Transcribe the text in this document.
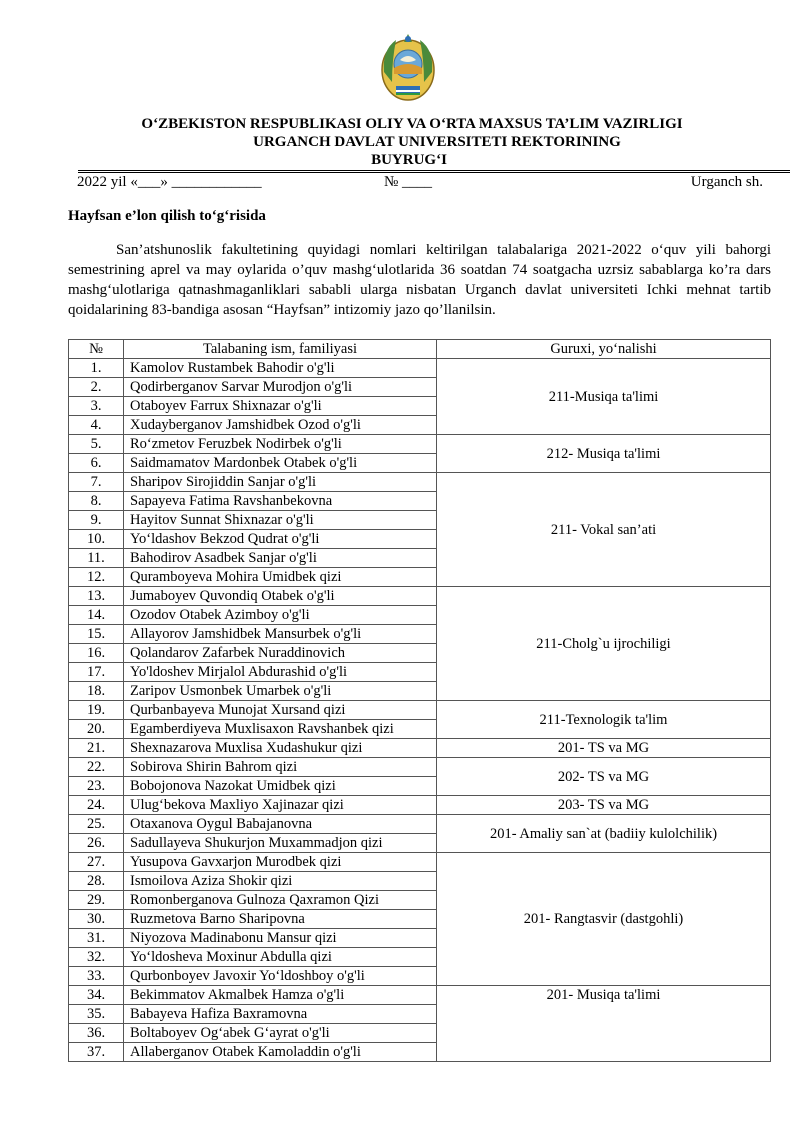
O‘ZBEKISTON RESPUBLIKASI OLIY VA O‘RTA MAXSUS TA’LIM VAZIRLIGI
URGANCH DAVLAT UNIVERSITETI REKTORINING
BUYRUG‘I
2022 yil «___» ____________	№ ____	Urganch sh.
Hayfsan e’lon qilish to‘g‘risida
San’atshunoslik fakultetining quyidagi nomlari keltirilgan talabalariga 2021-2022 o‘quv yili bahorgi semestrining aprel va may oylarida o’quv mashg‘ulotlarida 36 soatdan 74 soatgacha uzrsiz sabablarga ko’ra dars mashg‘ulotlariga qatnashmaganliklari sababli ularga nisbatan Urganch davlat universiteti Ichki mehnat tartib qoidalarining 83-bandiga asosan “Hayfsan” intizomiy jazo qo’llanilsin.
№	Talabaning ism, familiyasi	Guruxi, yo‘nalishi
1.	Kamolov Rustambek Bahodir o'g'li	211-Musiqa ta'limi
2.	Qodirberganov Sarvar Murodjon o'g'li	
3.	Otaboyev Farrux Shixnazar o'g'li	
4.	Xudayberganov Jamshidbek Ozod o'g'li	
5.	Ro‘zmetov Feruzbek Nodirbek o'g'li	212- Musiqa ta'limi
6.	Saidmamatov Mardonbek Otabek o'g'li	
7.	Sharipov Sirojiddin Sanjar o'g'li	211- Vokal san’ati
8.	Sapayeva Fatima Ravshanbekovna	
9.	Hayitov Sunnat Shixnazar o'g'li	
10.	Yo‘ldashov Bekzod Qudrat o'g'li	
11.	Bahodirov Asadbek Sanjar o'g'li	
12.	Quramboyeva Mohira Umidbek qizi	
13.	Jumaboyev Quvondiq Otabek o'g'li	211-Cholg`u ijrochiligi
14.	Ozodov Otabek Azimboy o'g'li	
15.	Allayorov Jamshidbek Mansurbek o'g'li	
16.	Qolandarov Zafarbek Nuraddinovich	
17.	Yo'ldoshev Mirjalol Abdurashid o'g'li	
18.	Zaripov Usmonbek Umarbek o'g'li	
19.	Qurbanbayeva Munojat Xursand qizi	211-Texnologik ta'lim
20.	Egamberdiyeva Muxlisaxon Ravshanbek qizi	
21.	Shexnazarova Muxlisa Xudashukur qizi	201- TS va MG
22.	Sobirova Shirin Bahrom qizi	202- TS va MG
23.	Bobojonova Nazokat Umidbek qizi	
24.	Ulug‘bekova Maxliyo Xajinazar qizi	203- TS va MG
25.	Otaxanova Oygul Babajanovna	201- Amaliy san`at (badiiy kulolchilik)
26.	Sadullayeva Shukurjon Muxammadjon qizi	
27.	Yusupova Gavxarjon Murodbek qizi	201- Rangtasvir (dastgohli)
28.	Ismoilova Aziza Shokir qizi	
29.	Romonberganova Gulnoza Qaxramon Qizi	
30.	Ruzmetova Barno Sharipovna	
31.	Niyozova Madinabonu Mansur qizi	
32.	Yo‘ldosheva Moxinur Abdulla qizi	
33.	Qurbonboyev Javoxir Yo‘ldoshboy o'g'li	
34.	Bekimmatov Akmalbek Hamza o'g'li	201- Musiqa ta'limi
35.	Babayeva Hafiza Baxramovna	
36.	Boltaboyev Og‘abek G‘ayrat o'g'li	
37.	Allaberganov Otabek Kamoladdin o'g'li	
